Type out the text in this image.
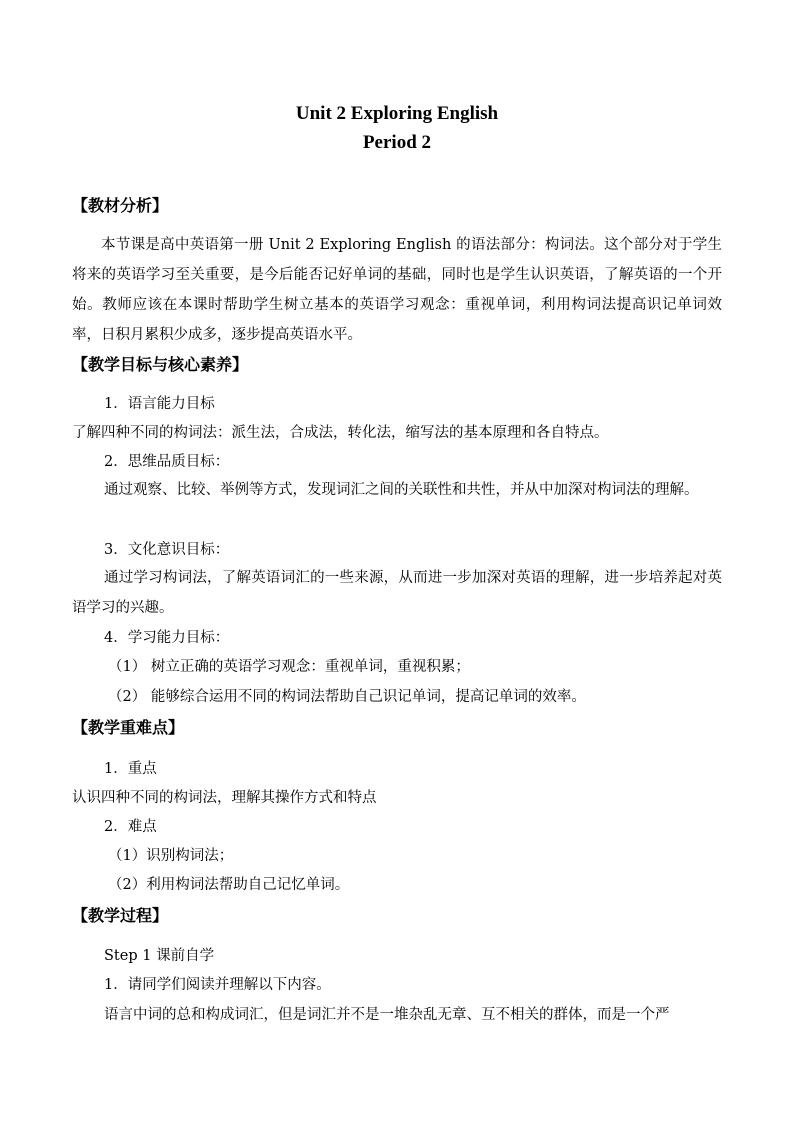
Unit 2 Exploring English
Period 2
【教材分析】

本节课是高中英语第一册 Unit 2 Exploring English 的语法部分：构词法。这个部分对于学生将来的英语学习至关重要，是今后能否记好单词的基础，同时也是学生认识英语，了解英语的一个开始。教师应该在本课时帮助学生树立基本的英语学习观念：重视单词，利用构词法提高识记单词效率，日积月累积少成多，逐步提高英语水平。

【教学目标与核心素养】
1．语言能力目标
了解四种不同的构词法：派生法，合成法，转化法，缩写法的基本原理和各自特点。
2．思维品质目标：

通过观察、比较、举例等方式，发现词汇之间的关联性和共性，并从中加深对构词法的理解。

3．文化意识目标：

通过学习构词法，了解英语词汇的一些来源，从而进一步加深对英语的理解，进一步培养起对英语学习的兴趣。

4．学习能力目标：
（1） 树立正确的英语学习观念：重视单词，重视积累；
（2） 能够综合运用不同的构词法帮助自己识记单词，提高记单词的效率。
【教学重难点】
1．重点
认识四种不同的构词法，理解其操作方式和特点
2．难点
（1）识别构词法；
（2）利用构词法帮助自己记忆单词。
【教学过程】
Step 1 课前自学
1．请同学们阅读并理解以下内容。
语言中词的总和构成词汇，但是词汇并不是一堆杂乱无章、互不相关的群体，而是一个严
